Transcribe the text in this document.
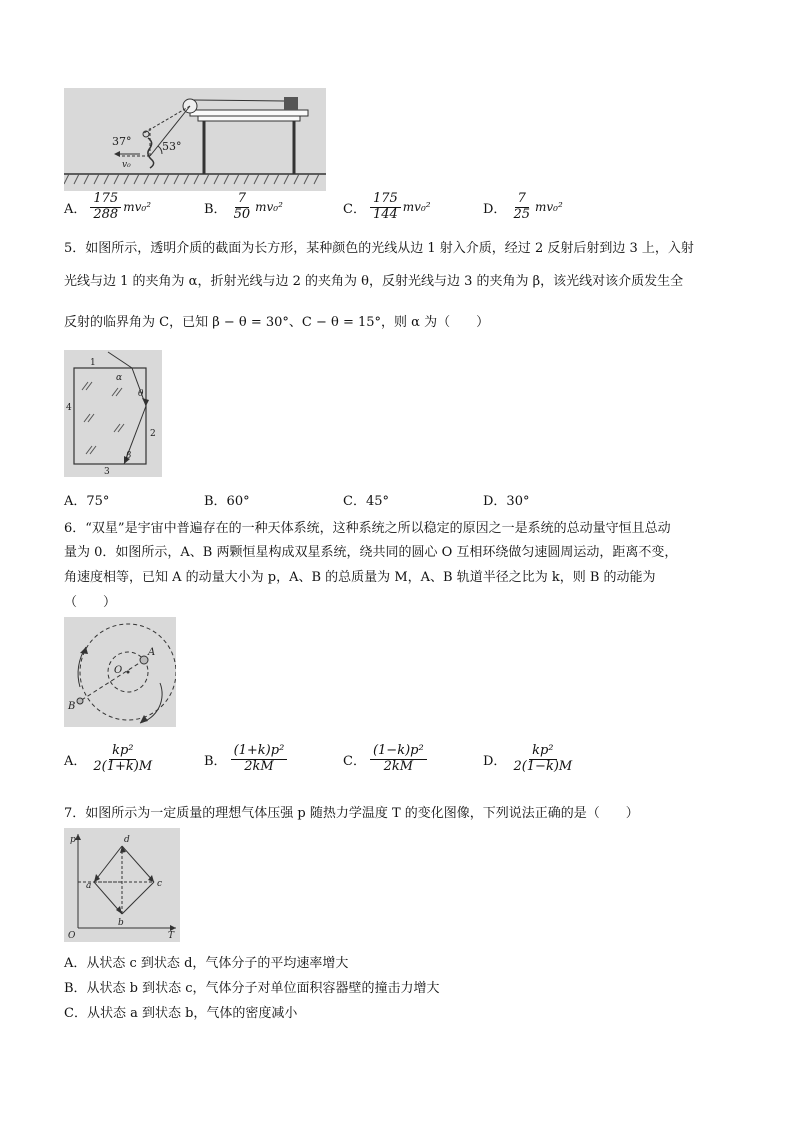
37°	53°
v₀
A． $\frac{175}{288} mv_0^2$	B． $\frac{7}{50} mv_0^2$	C． $\frac{175}{144} mv_0^2$	D． $\frac{7}{25} mv_0^2$
5．如图所示，透明介质的截面为长方形，某种颜色的光线从边 1 射入介质，经过 2 反射后射到边 3 上，入射
光线与边 1 的夹角为 α，折射光线与边 2 的夹角为 θ，反射光线与边 3 的夹角为 β，该光线对该介质发生全
反射的临界角为 C，已知 β − θ = 30°、C − θ = 15°，则 α 为（　　）
1
2
3
4
α
θ
β
A．75°	B．60°	C．45°	D．30°
6．“双星”是宇宙中普遍存在的一种天体系统，这种系统之所以稳定的原因之一是系统的总动量守恒且总动
量为 0．如图所示，A、B 两颗恒星构成双星系统，绕共同的圆心 O 互相环绕做匀速圆周运动，距离不变，
角速度相等，已知 A 的动量大小为 p，A、B 的总质量为 M，A、B 轨道半径之比为 k，则 B 的动能为
（　　）
A
B
O
A． $\frac{\text{kp²}}{2(1+k)M}$	B． $\frac{\text{(1+k)p²}}{2kM}$	C． $\frac{\text{(1−k)p²}}{2kM}$	D． $\frac{\text{kp²}}{2(1-k)M}$
7．如图所示为一定质量的理想气体压强 p 随热力学温度 T 的变化图像，下列说法正确的是（　　）
p
T
O
a
b
c
d
A．从状态 c 到状态 d，气体分子的平均速率增大
B．从状态 b 到状态 c，气体分子对单位面积容器壁的撞击力增大
C．从状态 a 到状态 b，气体的密度减小
